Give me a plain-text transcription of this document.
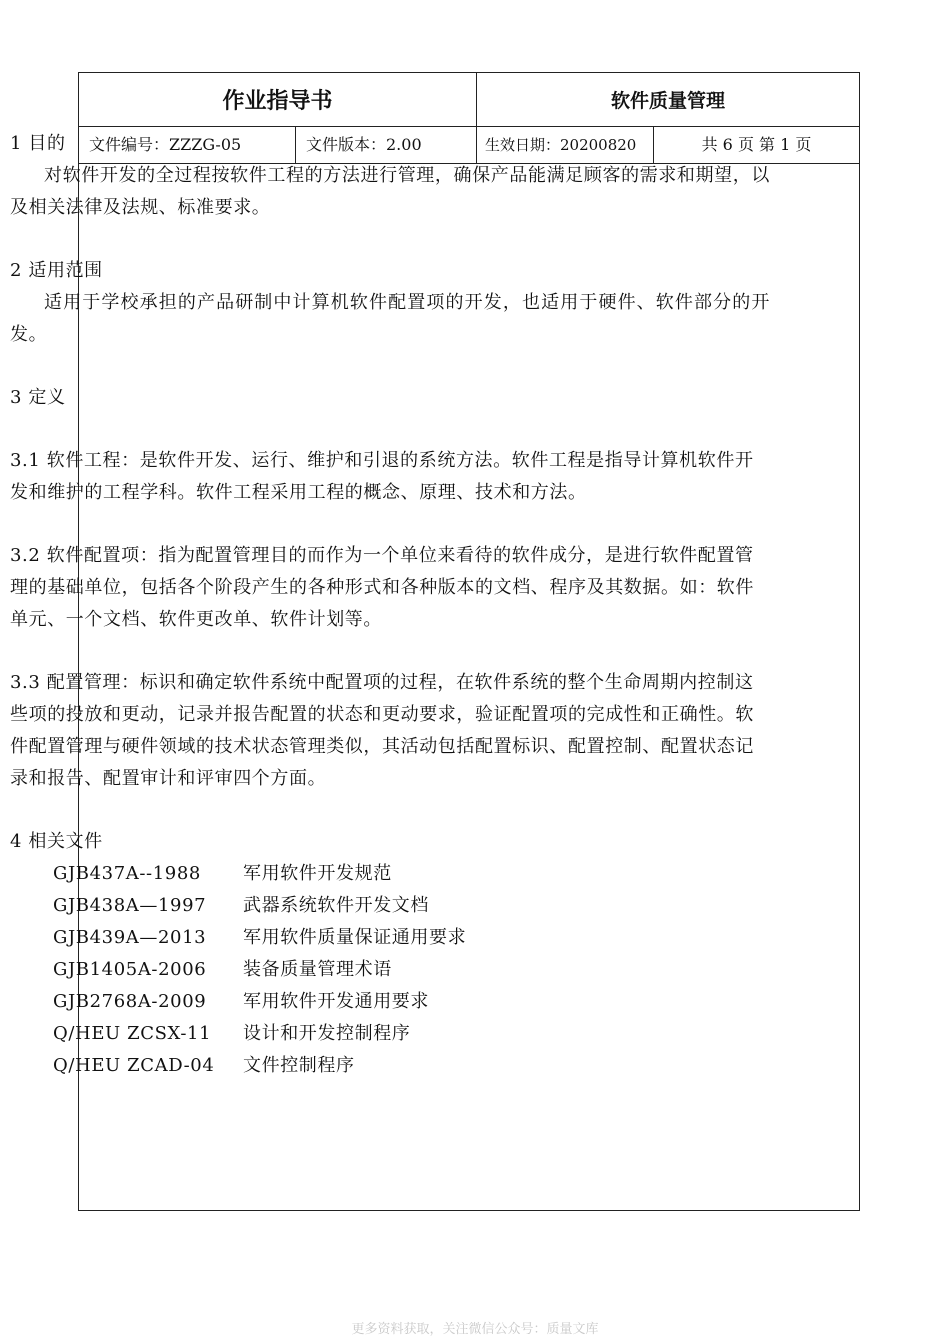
作业指导书	软件质量管理
文件编号：ZZZG-05	文件版本：2.00	生效日期：20200820	共 6 页 第 1 页

1 目的

对软件开发的全过程按软件工程的方法进行管理，确保产品能满足顾客的需求和期望，以及相关法律及法规、标准要求。

2 适用范围

适用于学校承担的产品研制中计算机软件配置项的开发，也适用于硬件、软件部分的开发。

3 定义

3.1 软件工程：是软件开发、运行、维护和引退的系统方法。软件工程是指导计算机软件开发和维护的工程学科。软件工程采用工程的概念、原理、技术和方法。

3.2 软件配置项：指为配置管理目的而作为一个单位来看待的软件成分，是进行软件配置管理的基础单位，包括各个阶段产生的各种形式和各种版本的文档、程序及其数据。如：软件单元、一个文档、软件更改单、软件计划等。

3.3 配置管理：标识和确定软件系统中配置项的过程，在软件系统的整个生命周期内控制这些项的投放和更动，记录并报告配置的状态和更动要求，验证配置项的完成性和正确性。软件配置管理与硬件领域的技术状态管理类似，其活动包括配置标识、配置控制、配置状态记录和报告、配置审计和评审四个方面。

4 相关文件

GJB437A--1988	军用软件开发规范
GJB438A—1997	武器系统软件开发文档
GJB439A—2013	军用软件质量保证通用要求
GJB1405A-2006	装备质量管理术语
GJB2768A-2009	军用软件开发通用要求
Q/HEU ZCSX-11	设计和开发控制程序
Q/HEU ZCAD-04	文件控制程序
更多资料获取，关注微信公众号：质量文库
